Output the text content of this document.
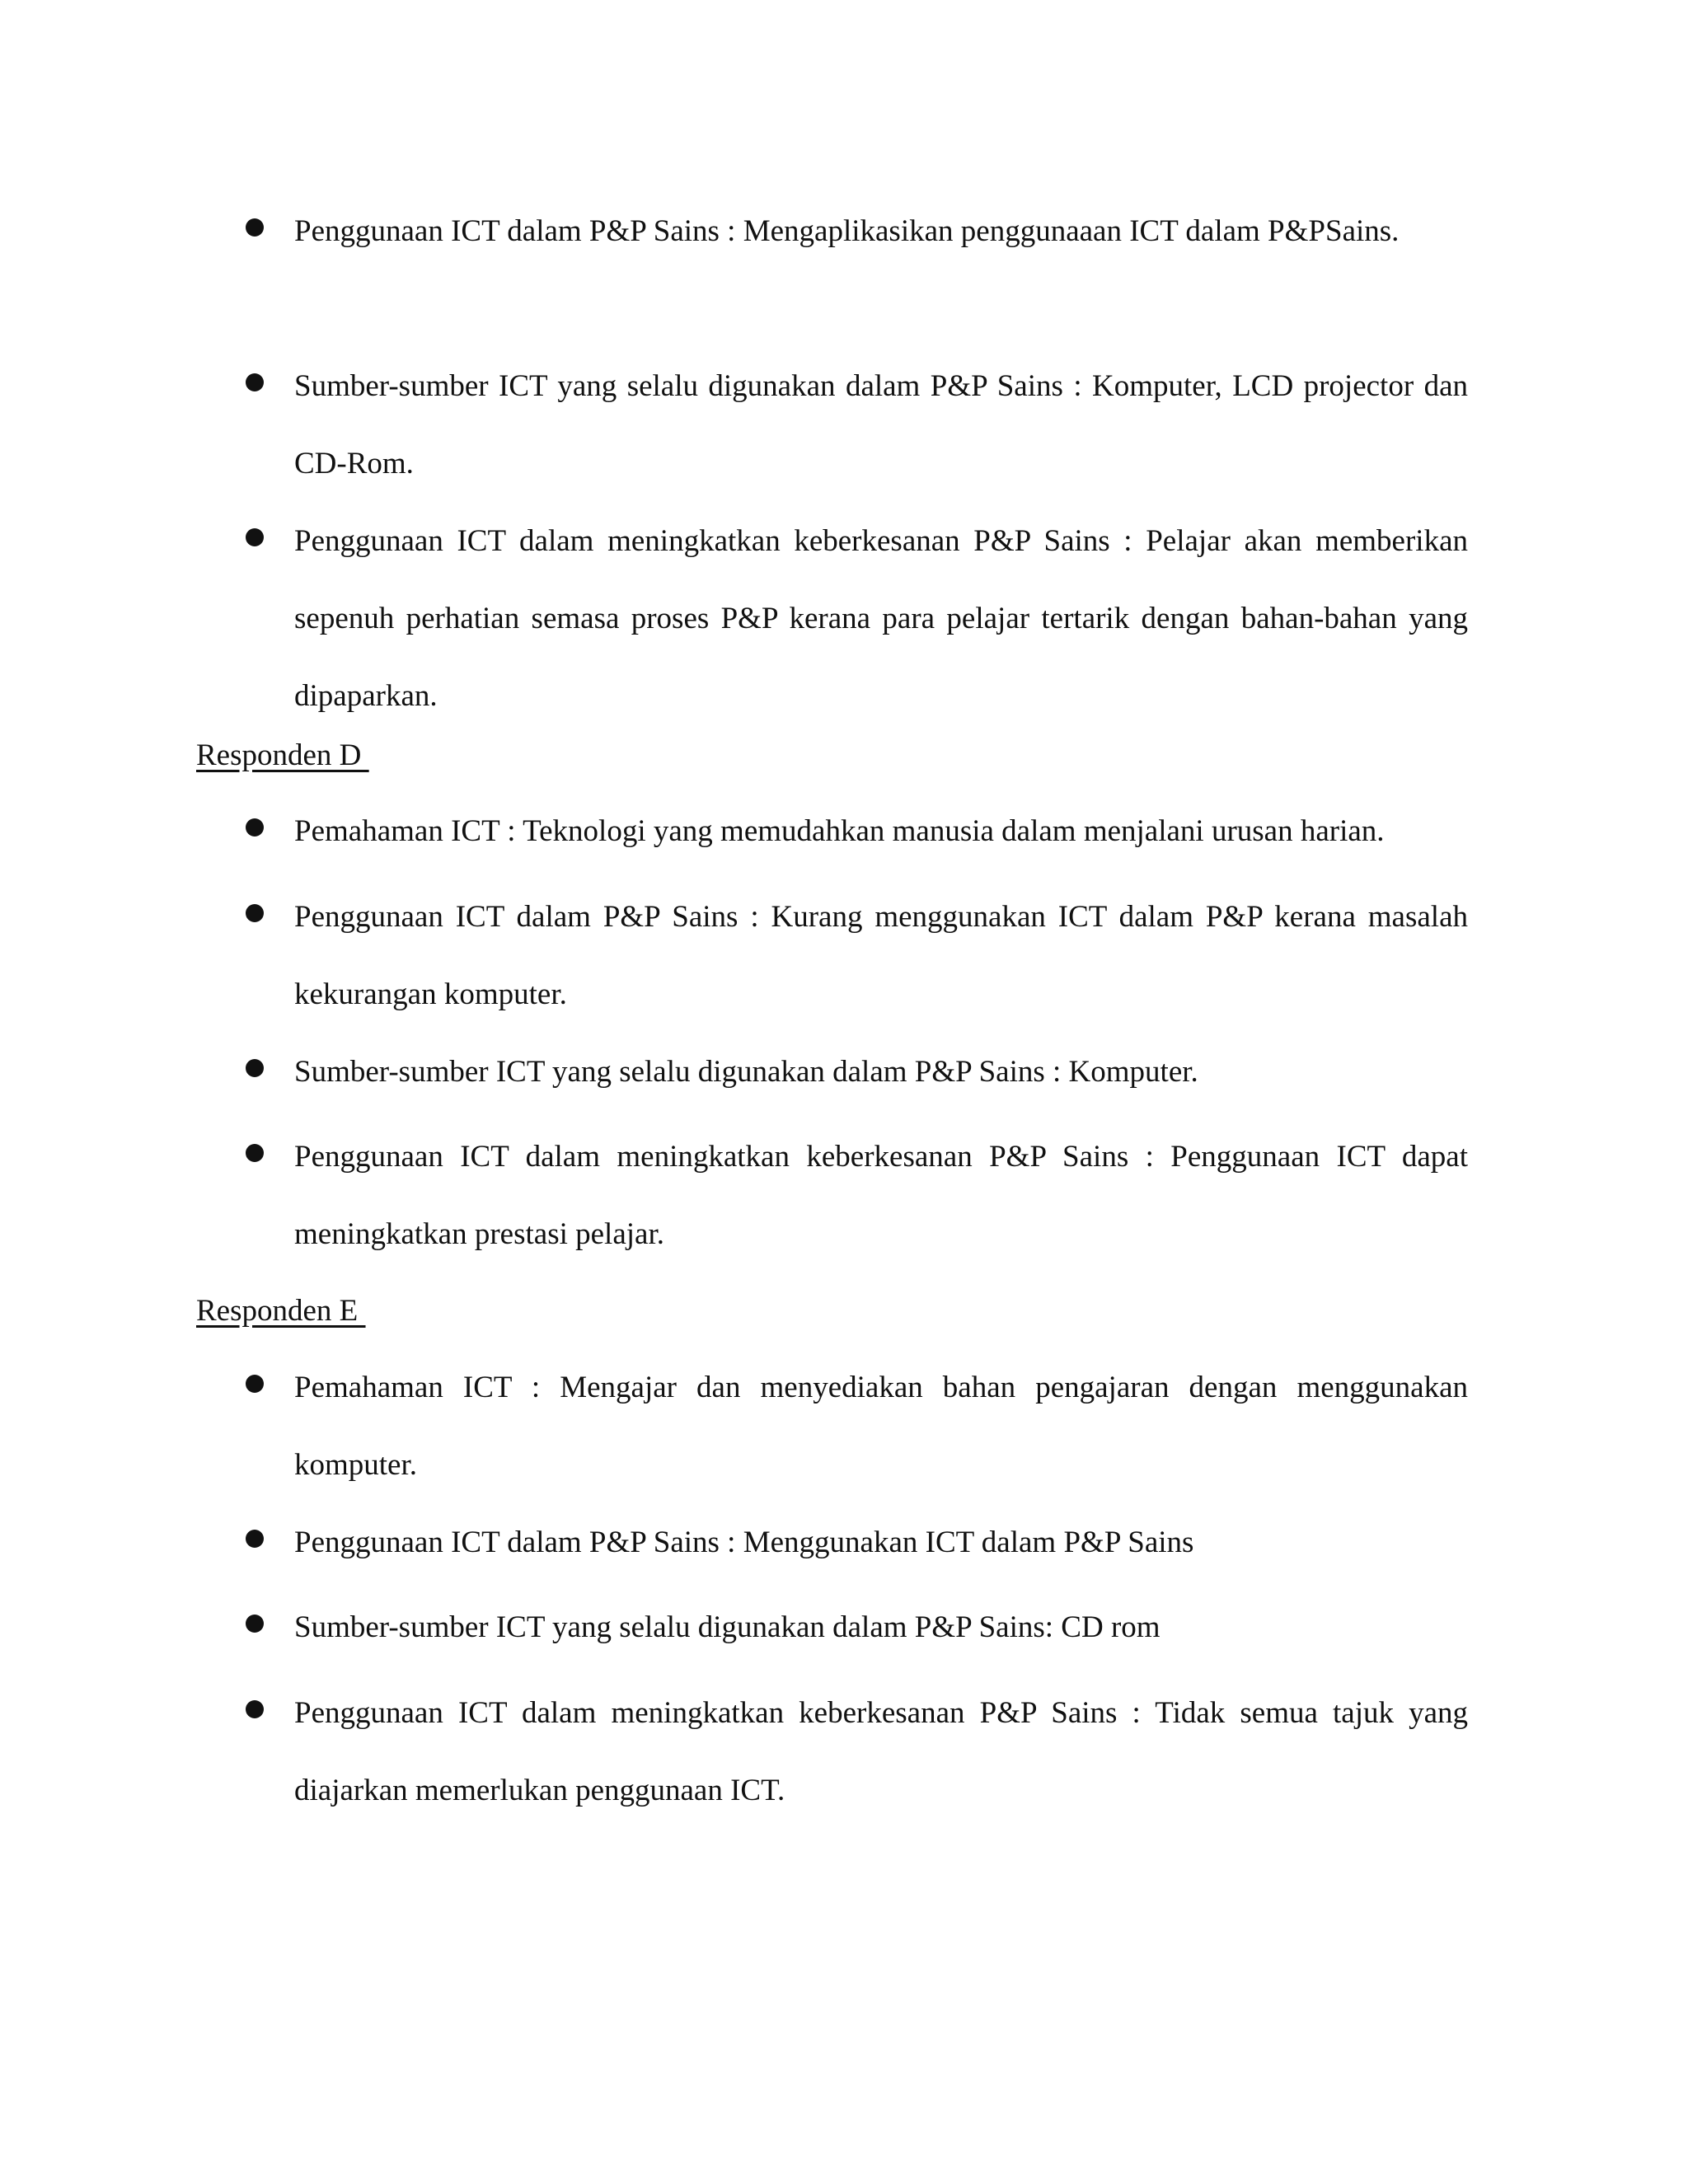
Penggunaan ICT dalam P&P Sains : Mengaplikasikan penggunaaan ICT dalam P&PSains.
Sumber-sumber ICT yang selalu digunakan dalam P&P Sains : Komputer, LCD projector dan CD-Rom.
Penggunaan ICT dalam meningkatkan keberkesanan P&P Sains : Pelajar akan memberikan sepenuh perhatian semasa proses P&P kerana para pelajar tertarik dengan bahan-bahan yang dipaparkan.
Responden D
Pemahaman ICT : Teknologi yang memudahkan manusia dalam menjalani urusan harian.
Penggunaan ICT dalam P&P Sains : Kurang menggunakan ICT dalam P&P kerana masalah kekurangan komputer.
Sumber-sumber ICT yang selalu digunakan dalam P&P Sains : Komputer.
Penggunaan ICT dalam meningkatkan keberkesanan P&P Sains : Penggunaan ICT dapat meningkatkan prestasi pelajar.
Responden E
Pemahaman ICT : Mengajar dan menyediakan bahan pengajaran dengan menggunakan komputer.
Penggunaan ICT dalam P&P Sains : Menggunakan ICT dalam P&P Sains
Sumber-sumber ICT yang selalu digunakan dalam P&P Sains: CD rom
Penggunaan ICT dalam meningkatkan keberkesanan P&P Sains : Tidak semua tajuk yang diajarkan memerlukan penggunaan ICT.
